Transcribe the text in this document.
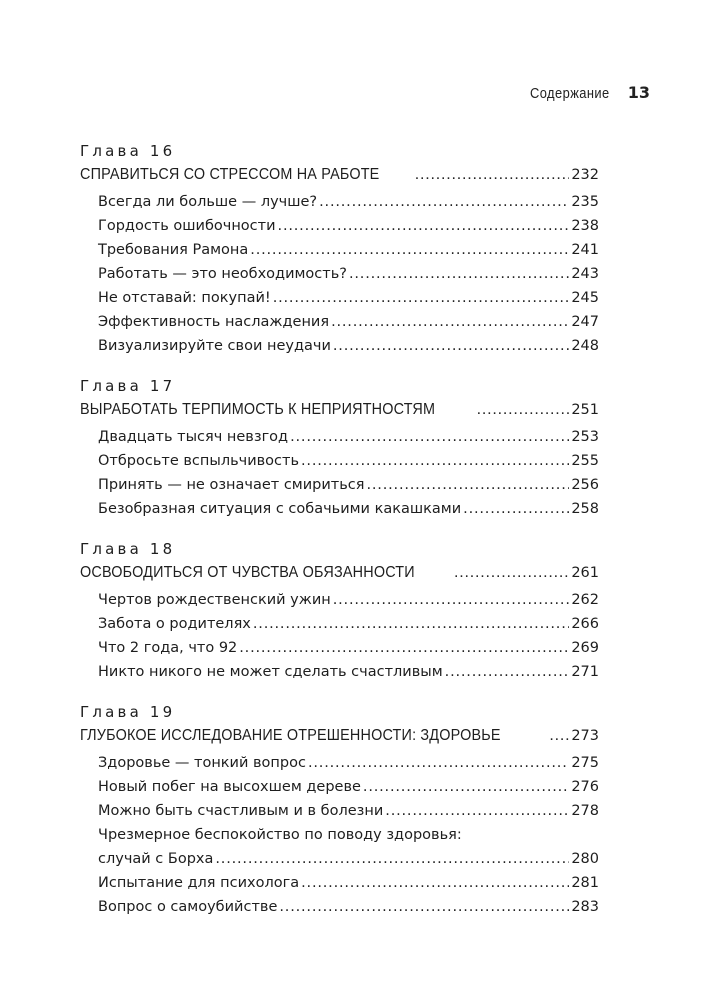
Содержание 13
Глава 16
СПРАВИТЬСЯ СО СТРЕССОМ НА РАБОТЕ .....	232
Всегда ли больше — лучше? .....	235
Гордость ошибочности .....	238
Требования Рамона .....	241
Работать — это необходимость? .....	243
Не отставай: покупай! .....	245
Эффективность наслаждения .....	247
Визуализируйте свои неудачи .....	248
Глава 17
ВЫРАБОТАТЬ ТЕРПИМОСТЬ К НЕПРИЯТНОСТЯМ .....	251
Двадцать тысяч невзгод .....	253
Отбросьте вспыльчивость .....	255
Принять — не означает смириться .....	256
Безобразная ситуация с собачьими какашками .....	258
Глава 18
ОСВОБОДИТЬСЯ ОТ ЧУВСТВА ОБЯЗАННОСТИ .....	261
Чертов рождественский ужин .....	262
Забота о родителях .....	266
Что 2 года, что 92 .....	269
Никто никого не может сделать счастливым .....	271
Глава 19
ГЛУБОКОЕ ИССЛЕДОВАНИЕ ОТРЕШЕННОСТИ: ЗДОРОВЬЕ .....	273
Здоровье — тонкий вопрос .....	275
Новый побег на высохшем дереве .....	276
Можно быть счастливым и в болезни .....	278
Чрезмерное беспокойство по поводу здоровья:
случай с Борха .....	280
Испытание для психолога .....	281
Вопрос о самоубийстве .....	283
